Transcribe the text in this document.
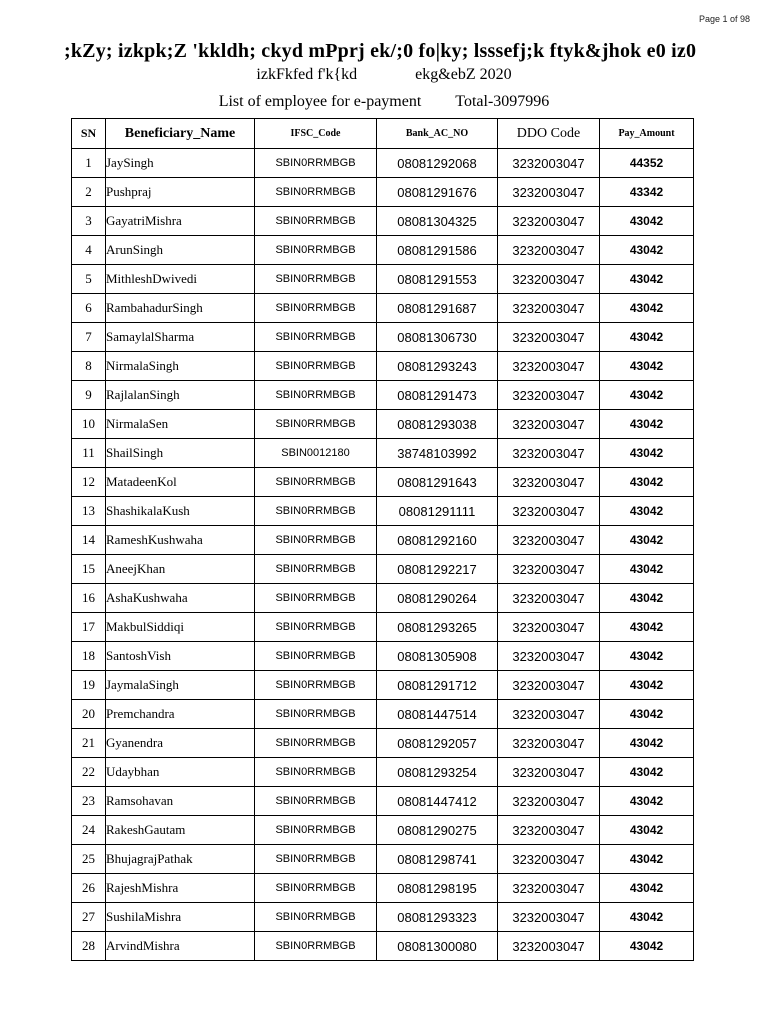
Page 1 of 98
;kZy; izkpk;Z 'kkldh; ckyd mPprj ek/;0 fo|ky; lsssefj;k ftyk&jhok e0 iz0
izkFkfed f'k{kd	ekg&ebZ 2020
List of employee for e-payment Total-3097996
SN	Beneficiary_Name	IFSC_Code	Bank_AC_NO	DDO Code	Pay_Amount
1	JaySingh	SBIN0RRMBGB	08081292068	3232003047	44352
2	Pushpraj	SBIN0RRMBGB	08081291676	3232003047	43342
3	GayatriMishra	SBIN0RRMBGB	08081304325	3232003047	43042
4	ArunSingh	SBIN0RRMBGB	08081291586	3232003047	43042
5	MithleshDwivedi	SBIN0RRMBGB	08081291553	3232003047	43042
6	RambahadurSingh	SBIN0RRMBGB	08081291687	3232003047	43042
7	SamaylalSharma	SBIN0RRMBGB	08081306730	3232003047	43042
8	NirmalaSingh	SBIN0RRMBGB	08081293243	3232003047	43042
9	RajlalanSingh	SBIN0RRMBGB	08081291473	3232003047	43042
10	NirmalaSen	SBIN0RRMBGB	08081293038	3232003047	43042
11	ShailSingh	SBIN0012180	38748103992	3232003047	43042
12	MatadeenKol	SBIN0RRMBGB	08081291643	3232003047	43042
13	ShashikalaKush	SBIN0RRMBGB	08081291111	3232003047	43042
14	RameshKushwaha	SBIN0RRMBGB	08081292160	3232003047	43042
15	AneejKhan	SBIN0RRMBGB	08081292217	3232003047	43042
16	AshaKushwaha	SBIN0RRMBGB	08081290264	3232003047	43042
17	MakbulSiddiqi	SBIN0RRMBGB	08081293265	3232003047	43042
18	SantoshVish	SBIN0RRMBGB	08081305908	3232003047	43042
19	JaymalaSingh	SBIN0RRMBGB	08081291712	3232003047	43042
20	Premchandra	SBIN0RRMBGB	08081447514	3232003047	43042
21	Gyanendra	SBIN0RRMBGB	08081292057	3232003047	43042
22	Udaybhan	SBIN0RRMBGB	08081293254	3232003047	43042
23	Ramsohavan	SBIN0RRMBGB	08081447412	3232003047	43042
24	RakeshGautam	SBIN0RRMBGB	08081290275	3232003047	43042
25	BhujagrajPathak	SBIN0RRMBGB	08081298741	3232003047	43042
26	RajeshMishra	SBIN0RRMBGB	08081298195	3232003047	43042
27	SushilaMishra	SBIN0RRMBGB	08081293323	3232003047	43042
28	ArvindMishra	SBIN0RRMBGB	08081300080	3232003047	43042
